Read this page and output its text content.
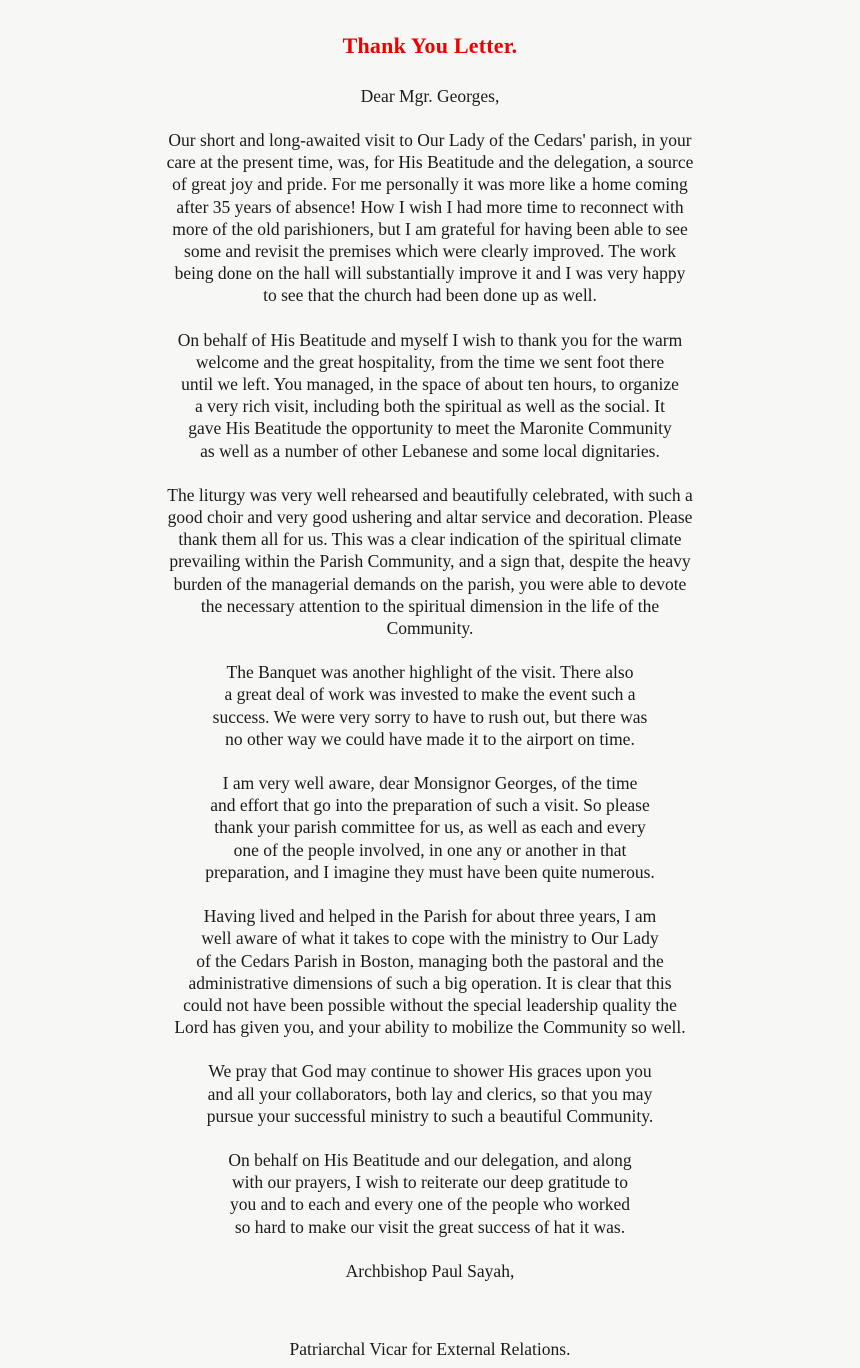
Thank You Letter.

Dear Mgr. Georges,

Our short and long-awaited visit to Our Lady of the Cedars' parish, in your care at the present time, was, for His Beatitude and the delegation, a source of great joy and pride. For me personally it was more like a home coming after 35 years of absence! How I wish I had more time to reconnect with more of the old parishioners, but I am grateful for having been able to see some and revisit the premises which were clearly improved. The work being done on the hall will substantially improve it and I was very happy to see that the church had been done up as well.

On behalf of His Beatitude and myself I wish to thank you for the warm welcome and the great hospitality, from the time we sent foot there until we left. You managed, in the space of about ten hours, to organize a very rich visit, including both the spiritual as well as the social. It gave His Beatitude the opportunity to meet the Maronite Community as well as a number of other Lebanese and some local dignitaries.

The liturgy was very well rehearsed and beautifully celebrated, with such a good choir and very good ushering and altar service and decoration. Please thank them all for us. This was a clear indication of the spiritual climate prevailing within the Parish Community, and a sign that, despite the heavy burden of the managerial demands on the parish, you were able to devote the necessary attention to the spiritual dimension in the life of the Community.

The Banquet was another highlight of the visit. There also a great deal of work was invested to make the event such a success. We were very sorry to have to rush out, but there was no other way we could have made it to the airport on time.

I am very well aware, dear Monsignor Georges, of the time and effort that go into the preparation of such a visit. So please thank your parish committee for us, as well as each and every one of the people involved, in one any or another in that preparation, and I imagine they must have been quite numerous.

Having lived and helped in the Parish for about three years, I am well aware of what it takes to cope with the ministry to Our Lady of the Cedars Parish in Boston, managing both the pastoral and the administrative dimensions of such a big operation. It is clear that this could not have been possible without the special leadership quality the Lord has given you, and your ability to mobilize the Community so well.

We pray that God may continue to shower His graces upon you and all your collaborators, both lay and clerics, so that you may pursue your successful ministry to such a beautiful Community.

On behalf on His Beatitude and our delegation, and along with our prayers, I wish to reiterate our deep gratitude to you and to each and every one of the people who worked so hard to make our visit the great success of hat it was.

Archbishop Paul Sayah,

Patriarchal Vicar for External Relations.
